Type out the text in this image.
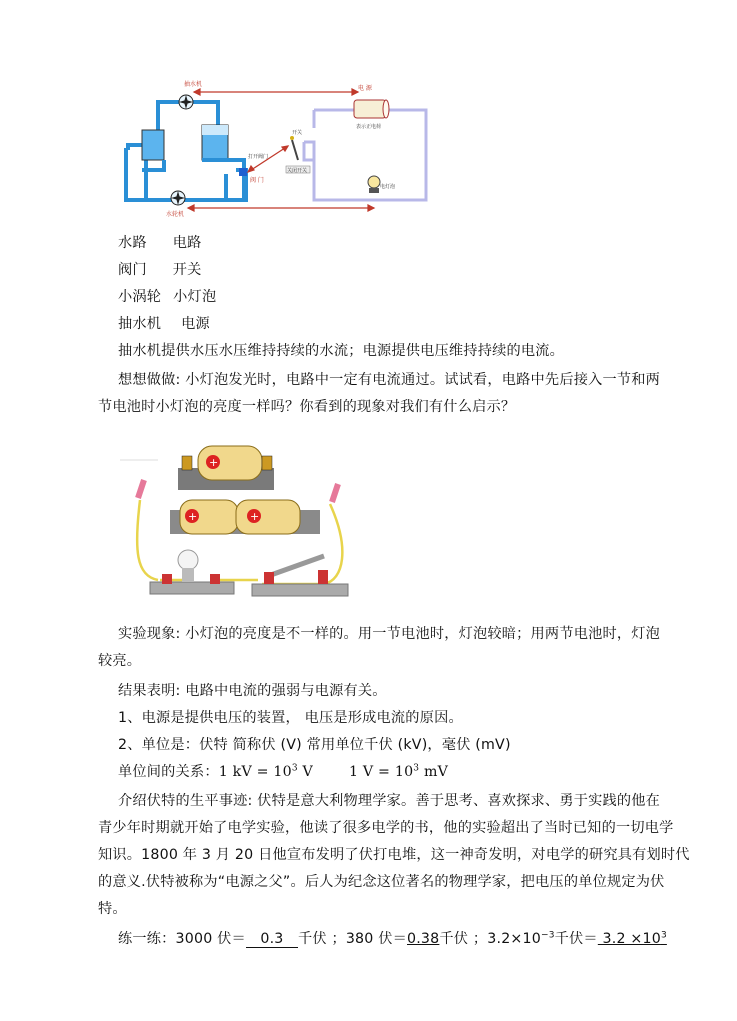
抽水机
水轮机
电 源
表示正电荷
阀 门
打开阀门
开关
关闭开关
电灯泡
水路 电路
阀门 开关
小涡轮 小灯泡
抽水机 电源
抽水机提供水压水压维持持续的水流；电源提供电压维持持续的电流。
想想做做: 小灯泡发光时，电路中一定有电流通过。试试看，电路中先后接入一节和两
节电池时小灯泡的亮度一样吗？你看到的现象对我们有什么启示？
+
+	+
实验现象: 小灯泡的亮度是不一样的。用一节电池时，灯泡较暗；用两节电池时，灯泡
较亮。
结果表明: 电路中电流的强弱与电源有关。
1、电源是提供电压的装置， 电压是形成电流的原因。
2、单位是：伏特 简称伏 (V) 常用单位千伏 (kV)，毫伏 (mV)
单位间的关系：1 kV = $10^3$ V	1 $V = 10^3$ mV
介绍伏特的生平事迹: 伏特是意大利物理学家。善于思考、喜欢探求、勇于实践的他在
青少年时期就开始了电学实验，他读了很多电学的书，他的实验超出了当时已知的一切电学
知识。1800 年 3 月 20 日他宣布发明了伏打电堆，这一神奇发明，对电学的研究具有划时代
的意义.伏特被称为“电源之父”。后人为纪念这位著名的物理学家，把电压的单位规定为伏
特。
练一练：3000 伏＝0.3千伏 ；380 伏＝0.38千伏 ；$3.2\times 10^{-3}$千伏＝ $3.2 \times 10^3$
